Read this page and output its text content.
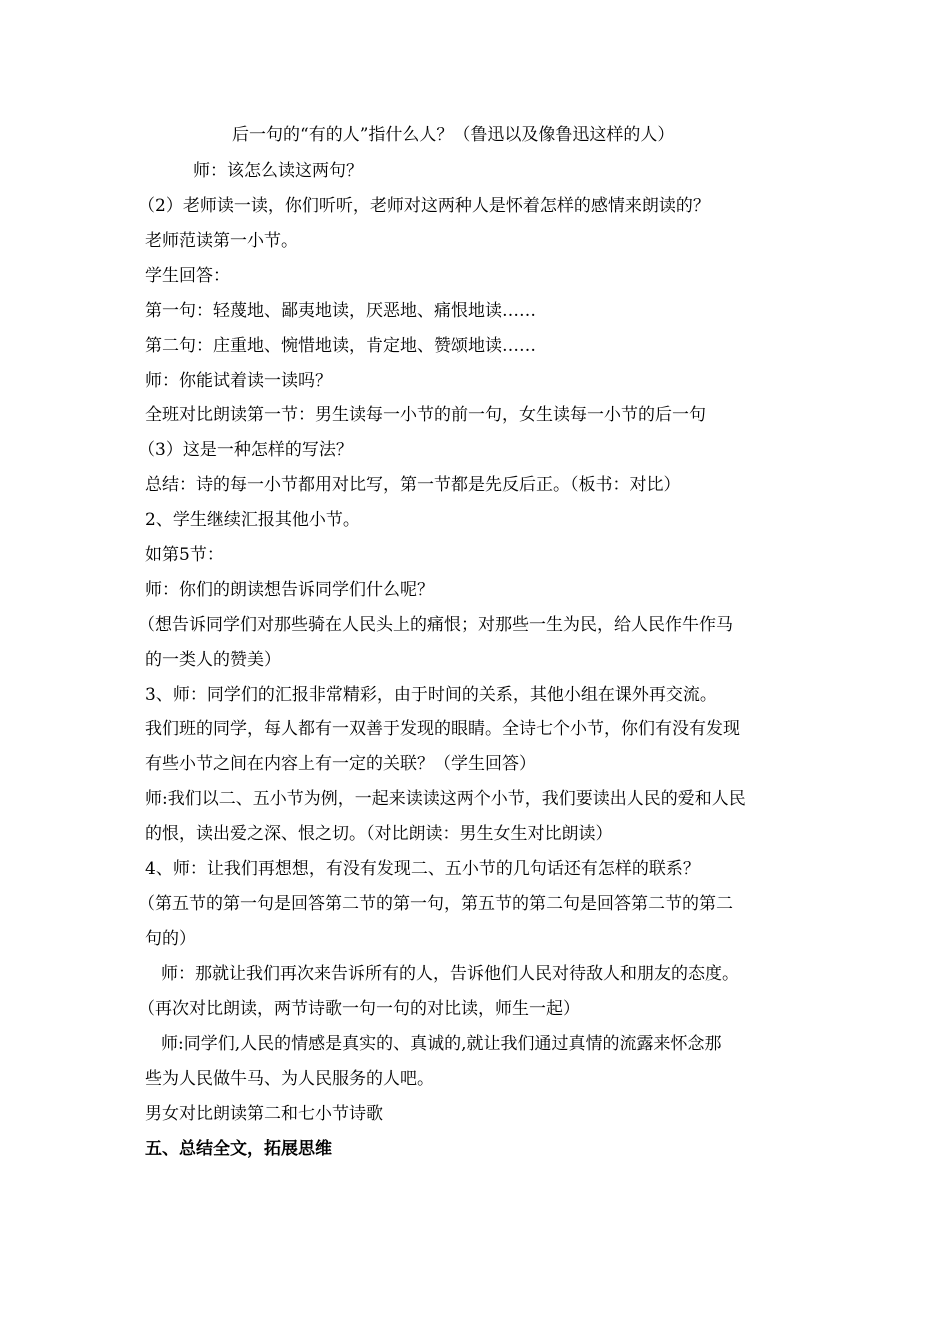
后一句的“有的人”指什么人？（鲁迅以及像鲁迅这样的人）
师：该怎么读这两句？
（2）老师读一读，你们听听，老师对这两种人是怀着怎样的感情来朗读的？
老师范读第一小节。
学生回答：
第一句：轻蔑地、鄙夷地读，厌恶地、痛恨地读……
第二句：庄重地、惋惜地读，肯定地、赞颂地读……
师：你能试着读一读吗？
全班对比朗读第一节：男生读每一小节的前一句，女生读每一小节的后一句
（3）这是一种怎样的写法？
总结：诗的每一小节都用对比写，第一节都是先反后正。（板书：对比）
2、学生继续汇报其他小节。
如第5节：
师：你们的朗读想告诉同学们什么呢？
（想告诉同学们对那些骑在人民头上的痛恨；对那些一生为民，给人民作牛作马
的一类人的赞美）
3、师：同学们的汇报非常精彩，由于时间的关系，其他小组在课外再交流。
我们班的同学，每人都有一双善于发现的眼睛。全诗七个小节，你们有没有发现
有些小节之间在内容上有一定的关联？（学生回答）
师:我们以二、五小节为例，一起来读读这两个小节，我们要读出人民的爱和人民
的恨，读出爱之深、恨之切。（对比朗读：男生女生对比朗读）
4、师：让我们再想想，有没有发现二、五小节的几句话还有怎样的联系？
（第五节的第一句是回答第二节的第一句，第五节的第二句是回答第二节的第二
句的）
师：那就让我们再次来告诉所有的人，告诉他们人民对待敌人和朋友的态度。
（再次对比朗读，两节诗歌一句一句的对比读，师生一起）
师:同学们,人民的情感是真实的、真诚的,就让我们通过真情的流露来怀念那
些为人民做牛马、为人民服务的人吧。
男女对比朗读第二和七小节诗歌
五、总结全文，拓展思维
